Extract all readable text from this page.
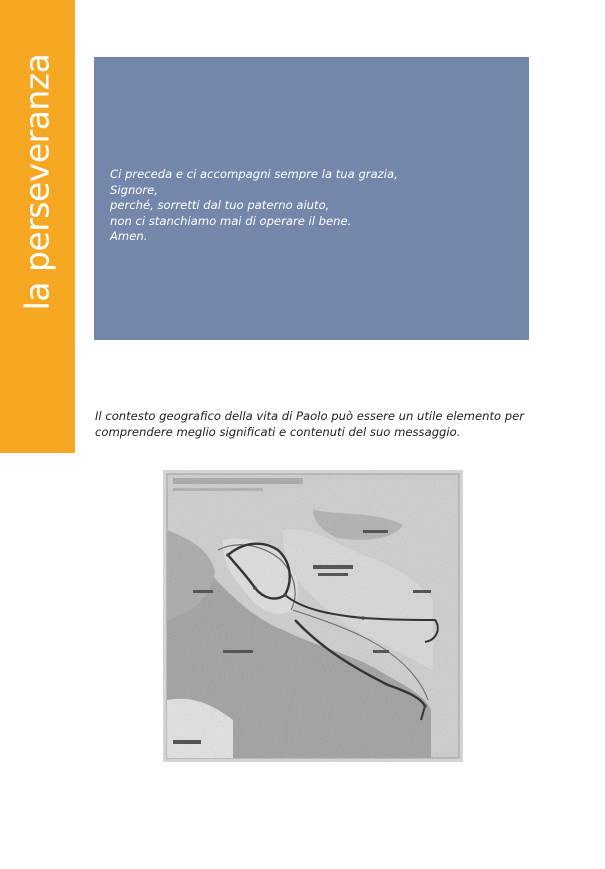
la perseveranza	Ci preceda e ci accompagni sempre la tua grazia,
Signore,
perché, sorretti dal tuo paterno aiuto,
non ci stanchiamo mai di operare il bene.
Amen.
Il contesto geografico della vita di Paolo può essere un utile elemento per
comprendere meglio significati e contenuti del suo messaggio.
